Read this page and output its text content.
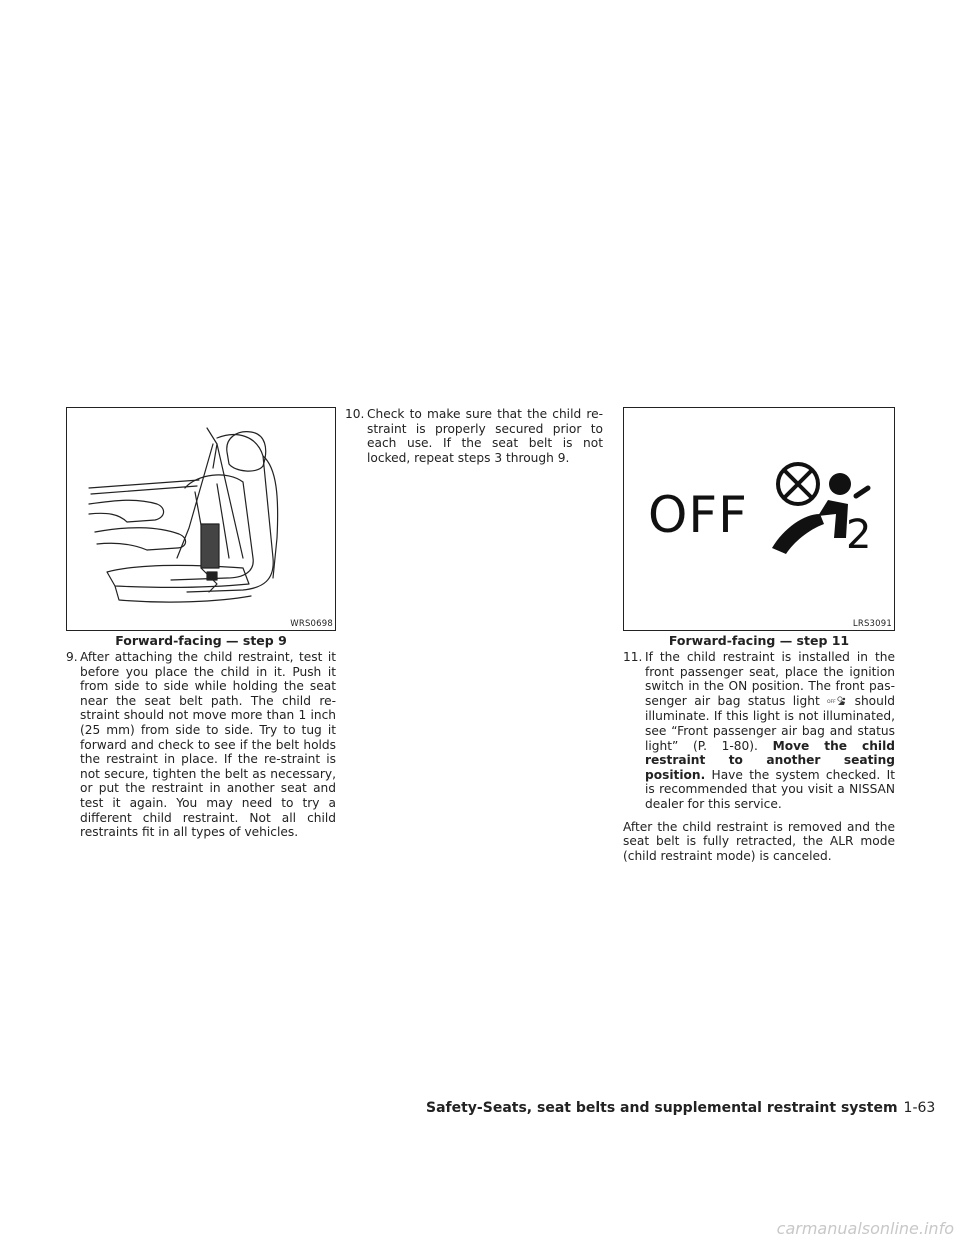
WRS0698
Forward-facing — step 9
OFF 2
LRS3091
Forward-facing — step 11
9. After attaching the child restraint, test it before you place the child in it. Push it from side to side while holding the seat near the seat belt path. The child re-straint should not move more than 1 inch (25 mm) from side to side. Try to tug it forward and check to see if the belt holds the restraint in place. If the re-straint is not secure, tighten the belt as necessary, or put the restraint in another seat and test it again. You may need to try a different child restraint. Not all child restraints fit in all types of vehicles.
10. Check to make sure that the child re-straint is properly secured prior to each use. If the seat belt is not locked, repeat steps 3 through 9.
11. If the child restraint is installed in the front passenger seat, place the ignition switch in the ON position. The front pas-senger air bag status light OFF should illuminate. If this light is not illuminated, see “Front passenger air bag and status light” (P. 1-80). Move the child restraint to another seating position. Have the system checked. It is recommended that you visit a NISSAN dealer for this service.

After the child restraint is removed and the seat belt is fully retracted, the ALR mode (child restraint mode) is canceled.

Safety-Seats, seat belts and supplemental restraint system 1-63
carmanualsonline.info
